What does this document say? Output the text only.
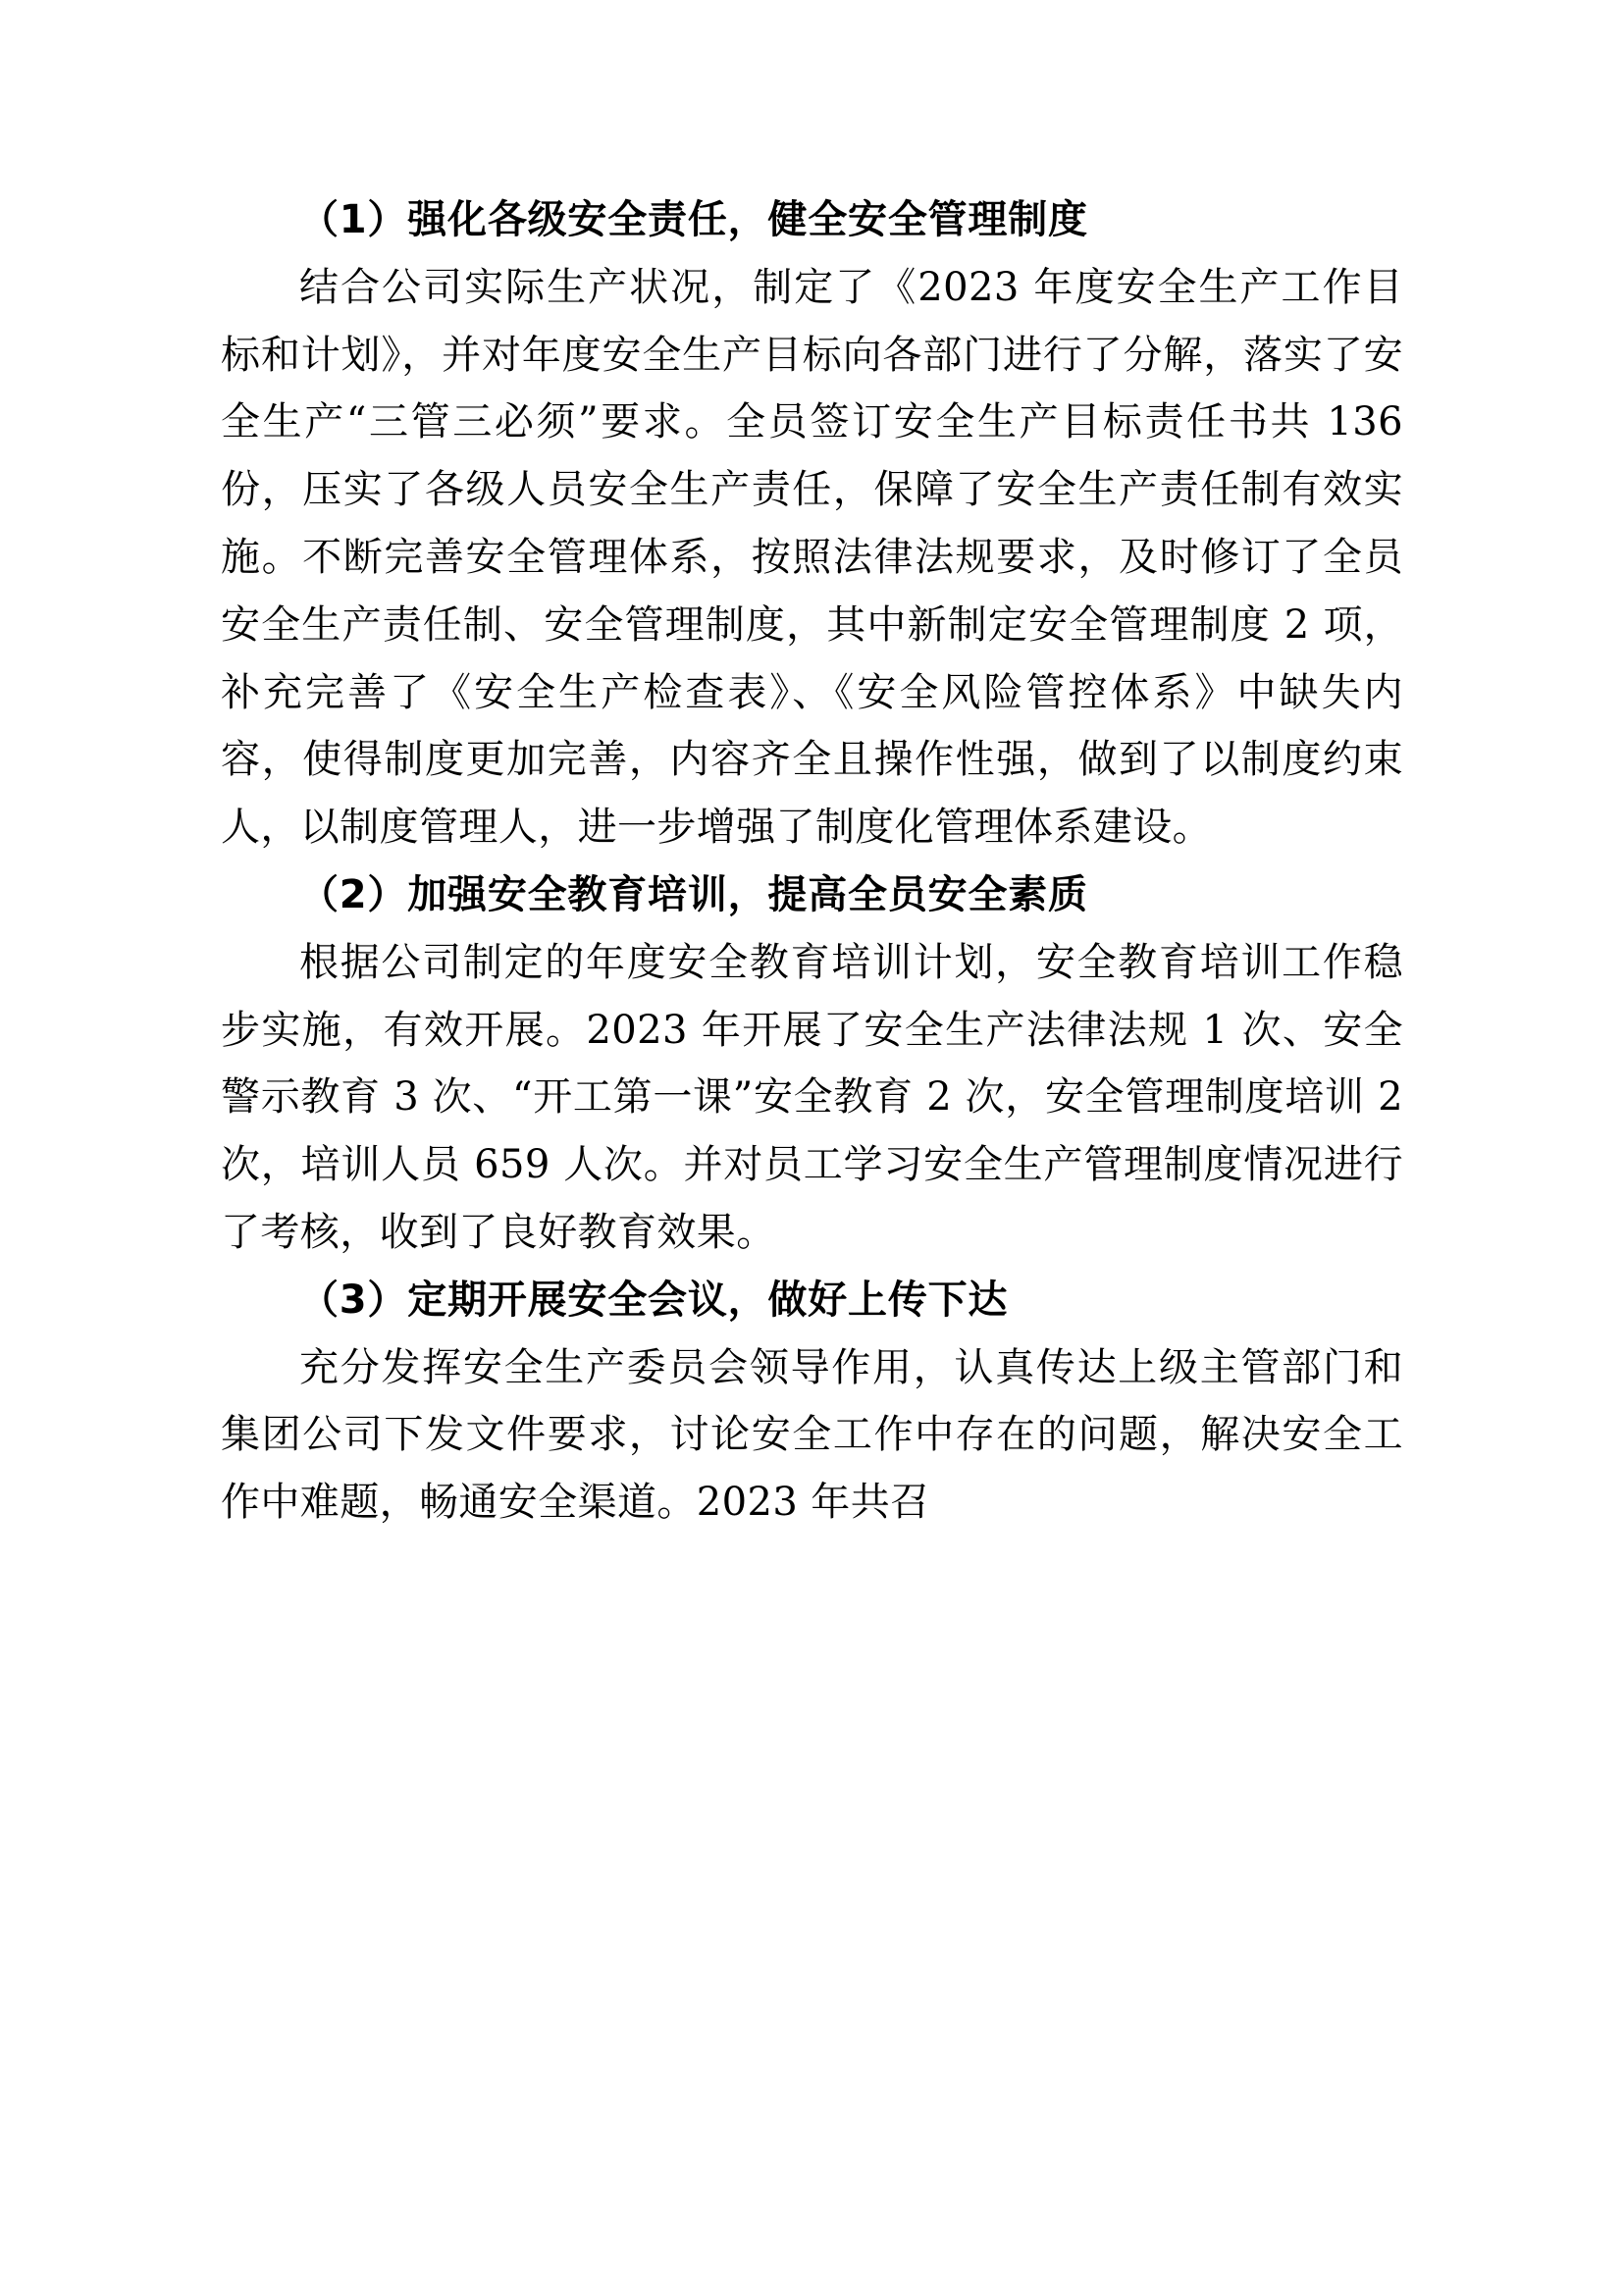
（1）强化各级安全责任，健全安全管理制度

结合公司实际生产状况，制定了《2023 年度安全生产工作目标和计划》，并对年度安全生产目标向各部门进行了分解，落实了安全生产“三管三必须”要求。全员签订安全生产目标责任书共 136 份，压实了各级人员安全生产责任，保障了安全生产责任制有效实施。不断完善安全管理体系，按照法律法规要求，及时修订了全员安全生产责任制、安全管理制度，其中新制定安全管理制度 2 项，补充完善了《安全生产检查表》、《安全风险管控体系》中缺失内容，使得制度更加完善，内容齐全且操作性强，做到了以制度约束人，以制度管理人，进一步增强了制度化管理体系建设。

（2）加强安全教育培训，提高全员安全素质

根据公司制定的年度安全教育培训计划，安全教育培训工作稳步实施，有效开展。2023 年开展了安全生产法律法规 1 次、安全警示教育 3 次、“开工第一课”安全教育 2 次，安全管理制度培训 2 次，培训人员 659 人次。并对员工学习安全生产管理制度情况进行了考核，收到了良好教育效果。

（3）定期开展安全会议，做好上传下达

充分发挥安全生产委员会领导作用，认真传达上级主管部门和集团公司下发文件要求，讨论安全工作中存在的问题，解决安全工作中难题，畅通安全渠道。2023 年共召
